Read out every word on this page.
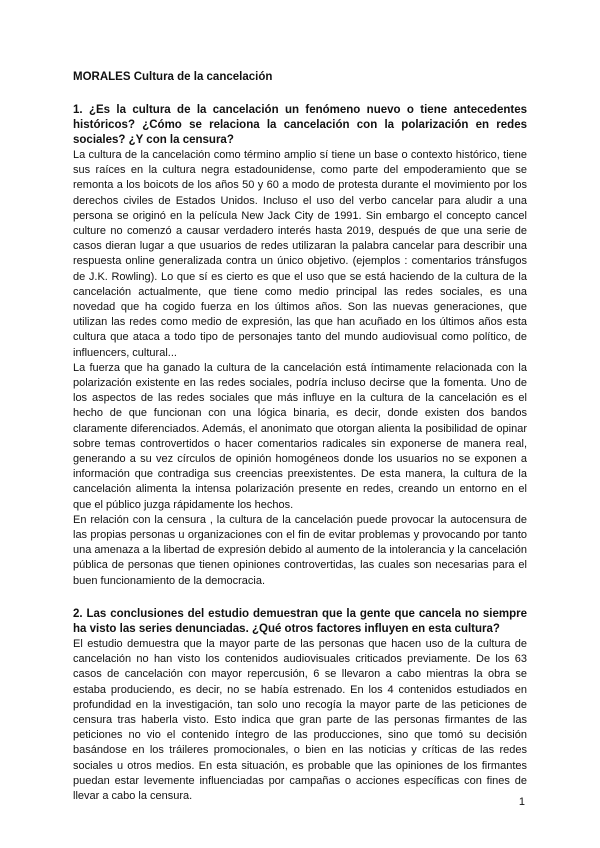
MORALES Cultura de la cancelación

1. ¿Es la cultura de la cancelación un fenómeno nuevo o tiene antecedentes históricos? ¿Cómo se relaciona la cancelación con la polarización en redes sociales? ¿Y con la censura?

La cultura de la cancelación como término amplio sí tiene un base o contexto histórico, tiene sus raíces en la cultura negra estadounidense, como parte del empoderamiento que se remonta a los boicots de los años 50 y 60 a modo de protesta durante el movimiento por los derechos civiles de Estados Unidos. Incluso el uso del verbo cancelar para aludir a una persona se originó en la película New Jack City de 1991. Sin embargo el concepto cancel culture no comenzó a causar verdadero interés hasta 2019, después de que una serie de casos dieran lugar a que usuarios de redes utilizaran la palabra cancelar para describir una respuesta online generalizada contra un único objetivo. (ejemplos : comentarios tránsfugos de J.K. Rowling). Lo que sí es cierto es que el uso que se está haciendo de la cultura de la cancelación actualmente, que tiene como medio principal las redes sociales, es una novedad que ha cogido fuerza en los últimos años. Son las nuevas generaciones, que utilizan las redes como medio de expresión, las que han acuñado en los últimos años esta cultura que ataca a todo tipo de personajes tanto del mundo audiovisual como político, de influencers, cultural...

La fuerza que ha ganado la cultura de la cancelación está íntimamente relacionada con la polarización existente en las redes sociales, podría incluso decirse que la fomenta. Uno de los aspectos de las redes sociales que más influye en la cultura de la cancelación es el hecho de que funcionan con una lógica binaria, es decir, donde existen dos bandos claramente diferenciados. Además, el anonimato que otorgan alienta la posibilidad de opinar sobre temas controvertidos o hacer comentarios radicales sin exponerse de manera real, generando a su vez círculos de opinión homogéneos donde los usuarios no se exponen a información que contradiga sus creencias preexistentes. De esta manera, la cultura de la cancelación alimenta la intensa polarización presente en redes, creando un entorno en el que el público juzga rápidamente los hechos.

En relación con la censura , la cultura de la cancelación puede provocar la autocensura de las propias personas u organizaciones con el fin de evitar problemas y provocando por tanto una amenaza a la libertad de expresión debido al aumento de la intolerancia y la cancelación pública de personas que tienen opiniones controvertidas, las cuales son necesarias para el buen funcionamiento de la democracia.

2. Las conclusiones del estudio demuestran que la gente que cancela no siempre ha visto las series denunciadas. ¿Qué otros factores influyen en esta cultura?

El estudio demuestra que la mayor parte de las personas que hacen uso de la cultura de cancelación no han visto los contenidos audiovisuales criticados previamente. De los 63 casos de cancelación con mayor repercusión, 6 se llevaron a cabo mientras la obra se estaba produciendo, es decir, no se había estrenado. En los 4 contenidos estudiados en profundidad en la investigación, tan solo uno recogía la mayor parte de las peticiones de censura tras haberla visto. Esto indica que gran parte de las personas firmantes de las peticiones no vio el contenido íntegro de las producciones, sino que tomó su decisión basándose en los tráileres promocionales, o bien en las noticias y críticas de las redes sociales u otros medios. En esta situación, es probable que las opiniones de los firmantes puedan estar levemente influenciadas por campañas o acciones específicas con fines de llevar a cabo la censura.

1
